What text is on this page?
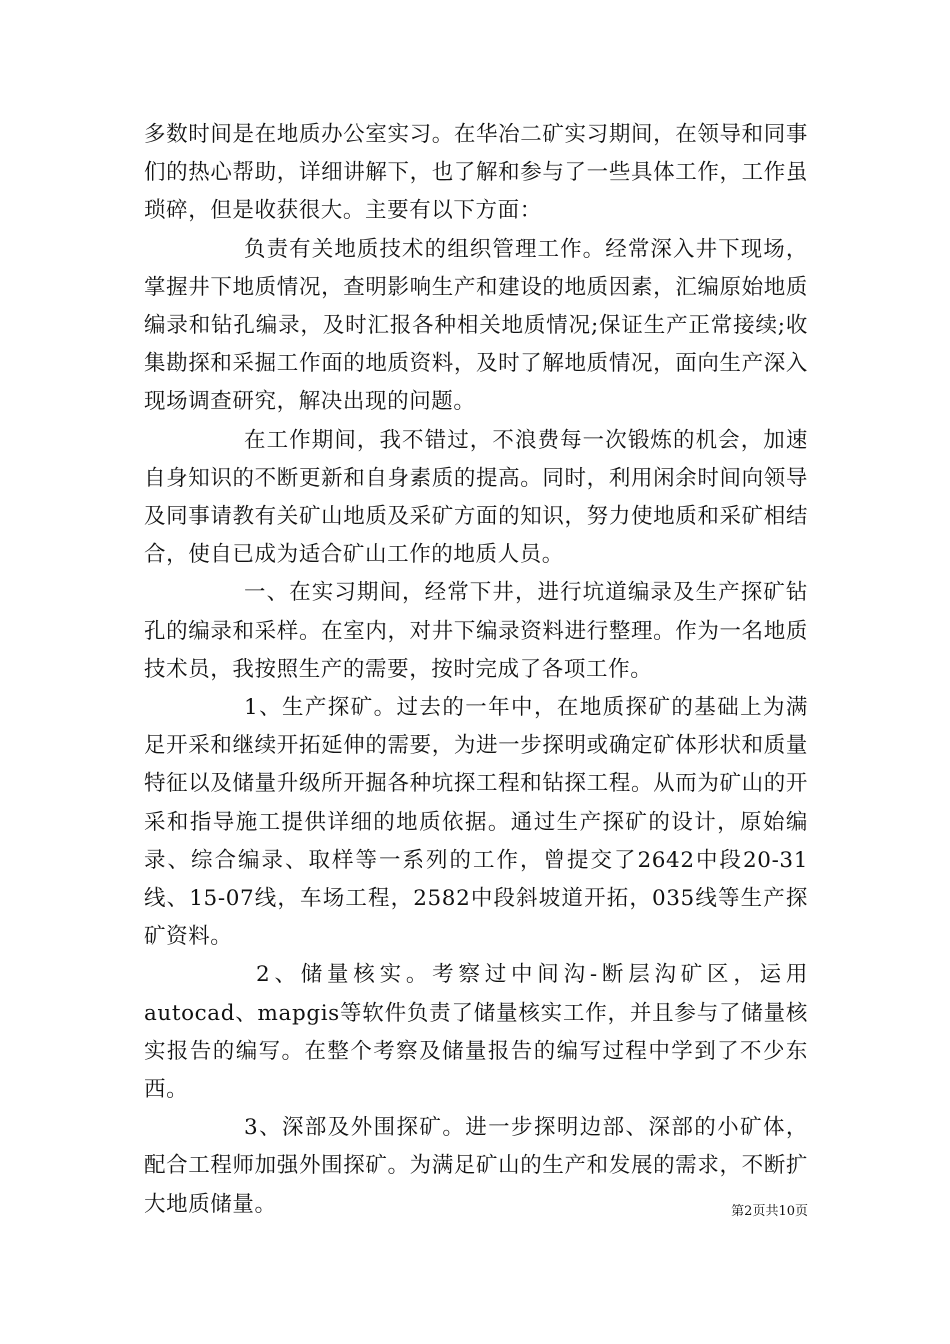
多数时间是在地质办公室实习。在华冶二矿实习期间，在领导和同事们的热心帮助，详细讲解下，也了解和参与了一些具体工作，工作虽琐碎，但是收获很大。主要有以下方面：

负责有关地质技术的组织管理工作。经常深入井下现场，掌握井下地质情况，查明影响生产和建设的地质因素，汇编原始地质编录和钻孔编录，及时汇报各种相关地质情况;保证生产正常接续;收集勘探和采掘工作面的地质资料，及时了解地质情况，面向生产深入现场调查研究，解决出现的问题。

在工作期间，我不错过，不浪费每一次锻炼的机会，加速自身知识的不断更新和自身素质的提高。同时，利用闲余时间向领导及同事请教有关矿山地质及采矿方面的知识，努力使地质和采矿相结合，使自已成为适合矿山工作的地质人员。

一、在实习期间，经常下井，进行坑道编录及生产探矿钻孔的编录和采样。在室内，对井下编录资料进行整理。作为一名地质技术员，我按照生产的需要，按时完成了各项工作。

1、生产探矿。过去的一年中，在地质探矿的基础上为满足开采和继续开拓延伸的需要，为进一步探明或确定矿体形状和质量特征以及储量升级所开掘各种坑探工程和钻探工程。从而为矿山的开采和指导施工提供详细的地质依据。通过生产探矿的设计，原始编录、综合编录、取样等一系列的工作，曾提交了2642中段20-31线、15-07线，车场工程，2582中段斜坡道开拓，035线等生产探矿资料。

2、储量核实。考察过中间沟-断层沟矿区，运用autocad、mapgis等软件负责了储量核实工作，并且参与了储量核实报告的编写。在整个考察及储量报告的编写过程中学到了不少东西。

3、深部及外围探矿。进一步探明边部、深部的小矿体，配合工程师加强外围探矿。为满足矿山的生产和发展的需求，不断扩大地质储量。	第2页共10页
